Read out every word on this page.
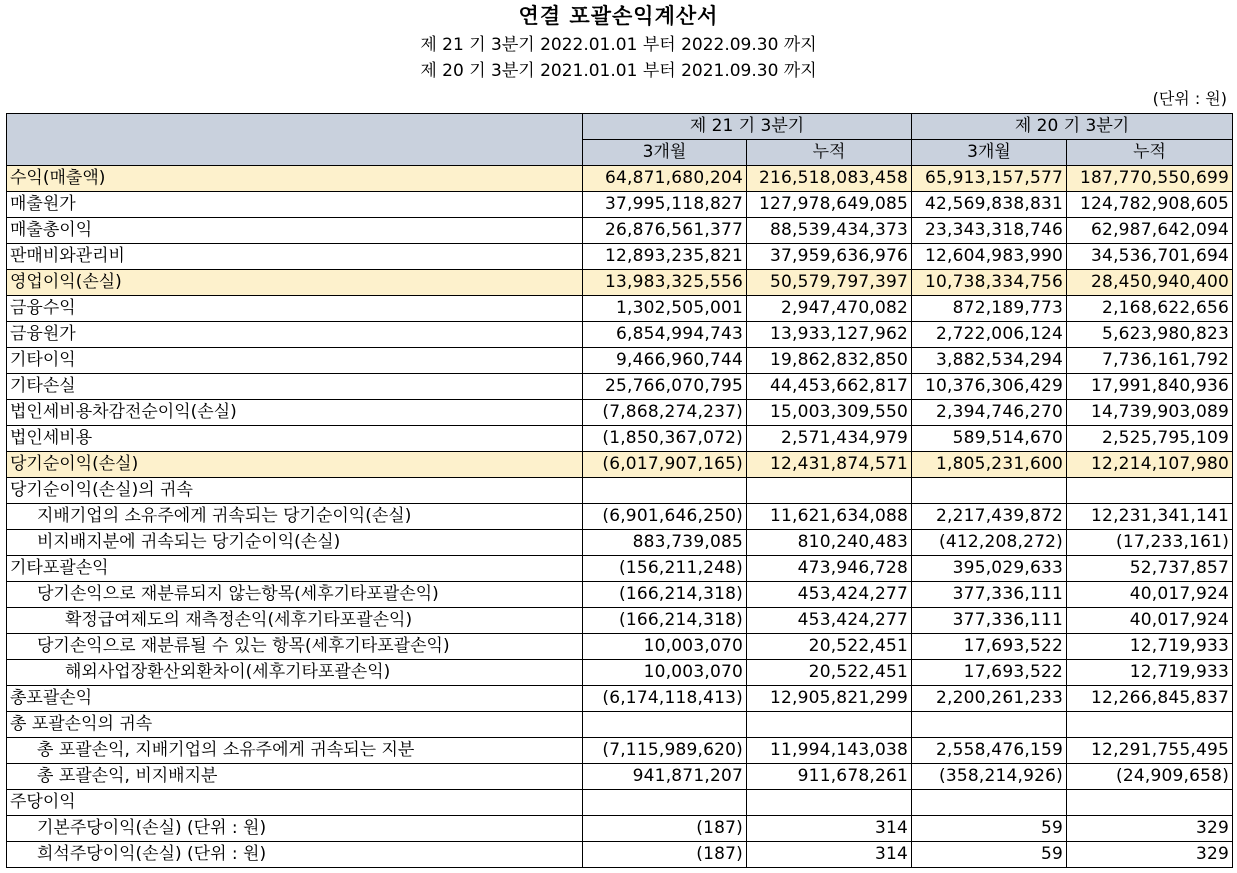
연결 포괄손익계산서
제 21 기 3분기 2022.01.01 부터 2022.09.30 까지
제 20 기 3분기 2021.01.01 부터 2021.09.30 까지
(단위 : 원)
	제 21 기 3분기		제 20 기 3분기	
	3개월	누적	3개월	누적
수익(매출액)	64,871,680,204	216,518,083,458	65,913,157,577	187,770,550,699
매출원가	37,995,118,827	127,978,649,085	42,569,838,831	124,782,908,605
매출총이익	26,876,561,377	88,539,434,373	23,343,318,746	62,987,642,094
판매비와관리비	12,893,235,821	37,959,636,976	12,604,983,990	34,536,701,694
영업이익(손실)	13,983,325,556	50,579,797,397	10,738,334,756	28,450,940,400
금융수익	1,302,505,001	2,947,470,082	872,189,773	2,168,622,656
금융원가	6,854,994,743	13,933,127,962	2,722,006,124	5,623,980,823
기타이익	9,466,960,744	19,862,832,850	3,882,534,294	7,736,161,792
기타손실	25,766,070,795	44,453,662,817	10,376,306,429	17,991,840,936
법인세비용차감전순이익(손실)	(7,868,274,237)	15,003,309,550	2,394,746,270	14,739,903,089
법인세비용	(1,850,367,072)	2,571,434,979	589,514,670	2,525,795,109
당기순이익(손실)	(6,017,907,165)	12,431,874,571	1,805,231,600	12,214,107,980
당기순이익(손실)의 귀속				
지배기업의 소유주에게 귀속되는 당기순이익(손실)	(6,901,646,250)	11,621,634,088	2,217,439,872	12,231,341,141
비지배지분에 귀속되는 당기순이익(손실)	883,739,085	810,240,483	(412,208,272)	(17,233,161)
기타포괄손익	(156,211,248)	473,946,728	395,029,633	52,737,857
당기손익으로 재분류되지 않는항목(세후기타포괄손익)	(166,214,318)	453,424,277	377,336,111	40,017,924
확정급여제도의 재측정손익(세후기타포괄손익)	(166,214,318)	453,424,277	377,336,111	40,017,924
당기손익으로 재분류될 수 있는 항목(세후기타포괄손익)	10,003,070	20,522,451	17,693,522	12,719,933
해외사업장환산외환차이(세후기타포괄손익)	10,003,070	20,522,451	17,693,522	12,719,933
총포괄손익	(6,174,118,413)	12,905,821,299	2,200,261,233	12,266,845,837
총 포괄손익의 귀속				
총 포괄손익, 지배기업의 소유주에게 귀속되는 지분	(7,115,989,620)	11,994,143,038	2,558,476,159	12,291,755,495
총 포괄손익, 비지배지분	941,871,207	911,678,261	(358,214,926)	(24,909,658)
주당이익				
기본주당이익(손실) (단위 : 원)	(187)	314	59	329
희석주당이익(손실) (단위 : 원)	(187)	314	59	329
